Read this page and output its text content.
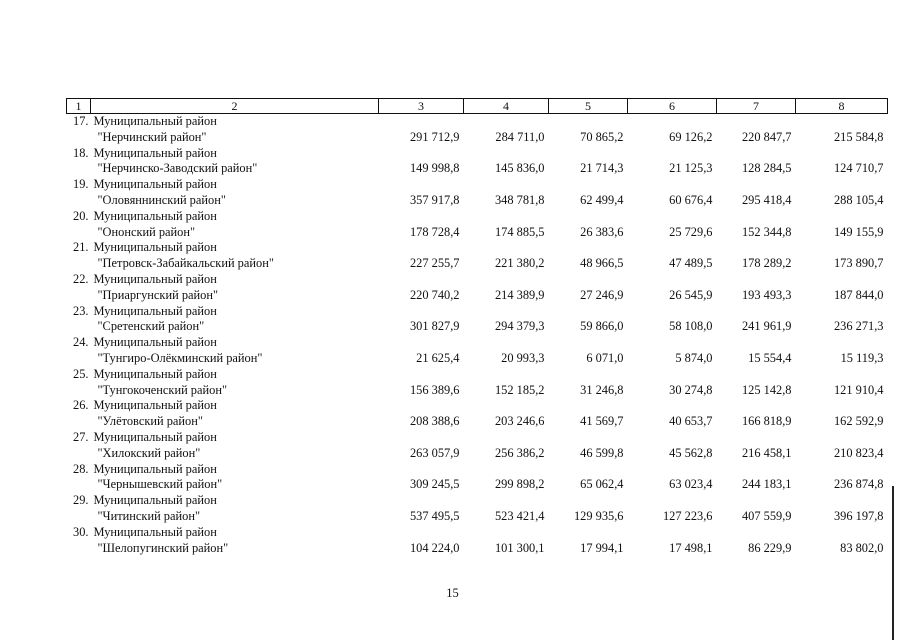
1	2	3	4	5	6	7	8
17.	Муниципальный район
"Нерчинский район"	291 712,9	284 711,0	70 865,2	69 126,2	220 847,7	215 584,8
18.	Муниципальный район
"Нерчинско-Заводский район"	149 998,8	145 836,0	21 714,3	21 125,3	128 284,5	124 710,7
19.	Муниципальный район
"Оловяннинский район"	357 917,8	348 781,8	62 499,4	60 676,4	295 418,4	288 105,4
20.	Муниципальный район
"Ононский район"	178 728,4	174 885,5	26 383,6	25 729,6	152 344,8	149 155,9
21.	Муниципальный район
"Петровск-Забайкальский район"	227 255,7	221 380,2	48 966,5	47 489,5	178 289,2	173 890,7
22.	Муниципальный район
"Приаргунский район"	220 740,2	214 389,9	27 246,9	26 545,9	193 493,3	187 844,0
23.	Муниципальный район
"Сретенский район"	301 827,9	294 379,3	59 866,0	58 108,0	241 961,9	236 271,3
24.	Муниципальный район
"Тунгиро-Олёкминский район"	21 625,4	20 993,3	6 071,0	5 874,0	15 554,4	15 119,3
25.	Муниципальный район
"Тунгокоченский район"	156 389,6	152 185,2	31 246,8	30 274,8	125 142,8	121 910,4
26.	Муниципальный район
"Улётовский район"	208 388,6	203 246,6	41 569,7	40 653,7	166 818,9	162 592,9
27.	Муниципальный район
"Хилокский район"	263 057,9	256 386,2	46 599,8	45 562,8	216 458,1	210 823,4
28.	Муниципальный район
"Чернышевский район"	309 245,5	299 898,2	65 062,4	63 023,4	244 183,1	236 874,8
29.	Муниципальный район
"Читинский район"	537 495,5	523 421,4	129 935,6	127 223,6	407 559,9	396 197,8
30.	Муниципальный район
"Шелопугинский район"	104 224,0	101 300,1	17 994,1	17 498,1	86 229,9	83 802,0
15
